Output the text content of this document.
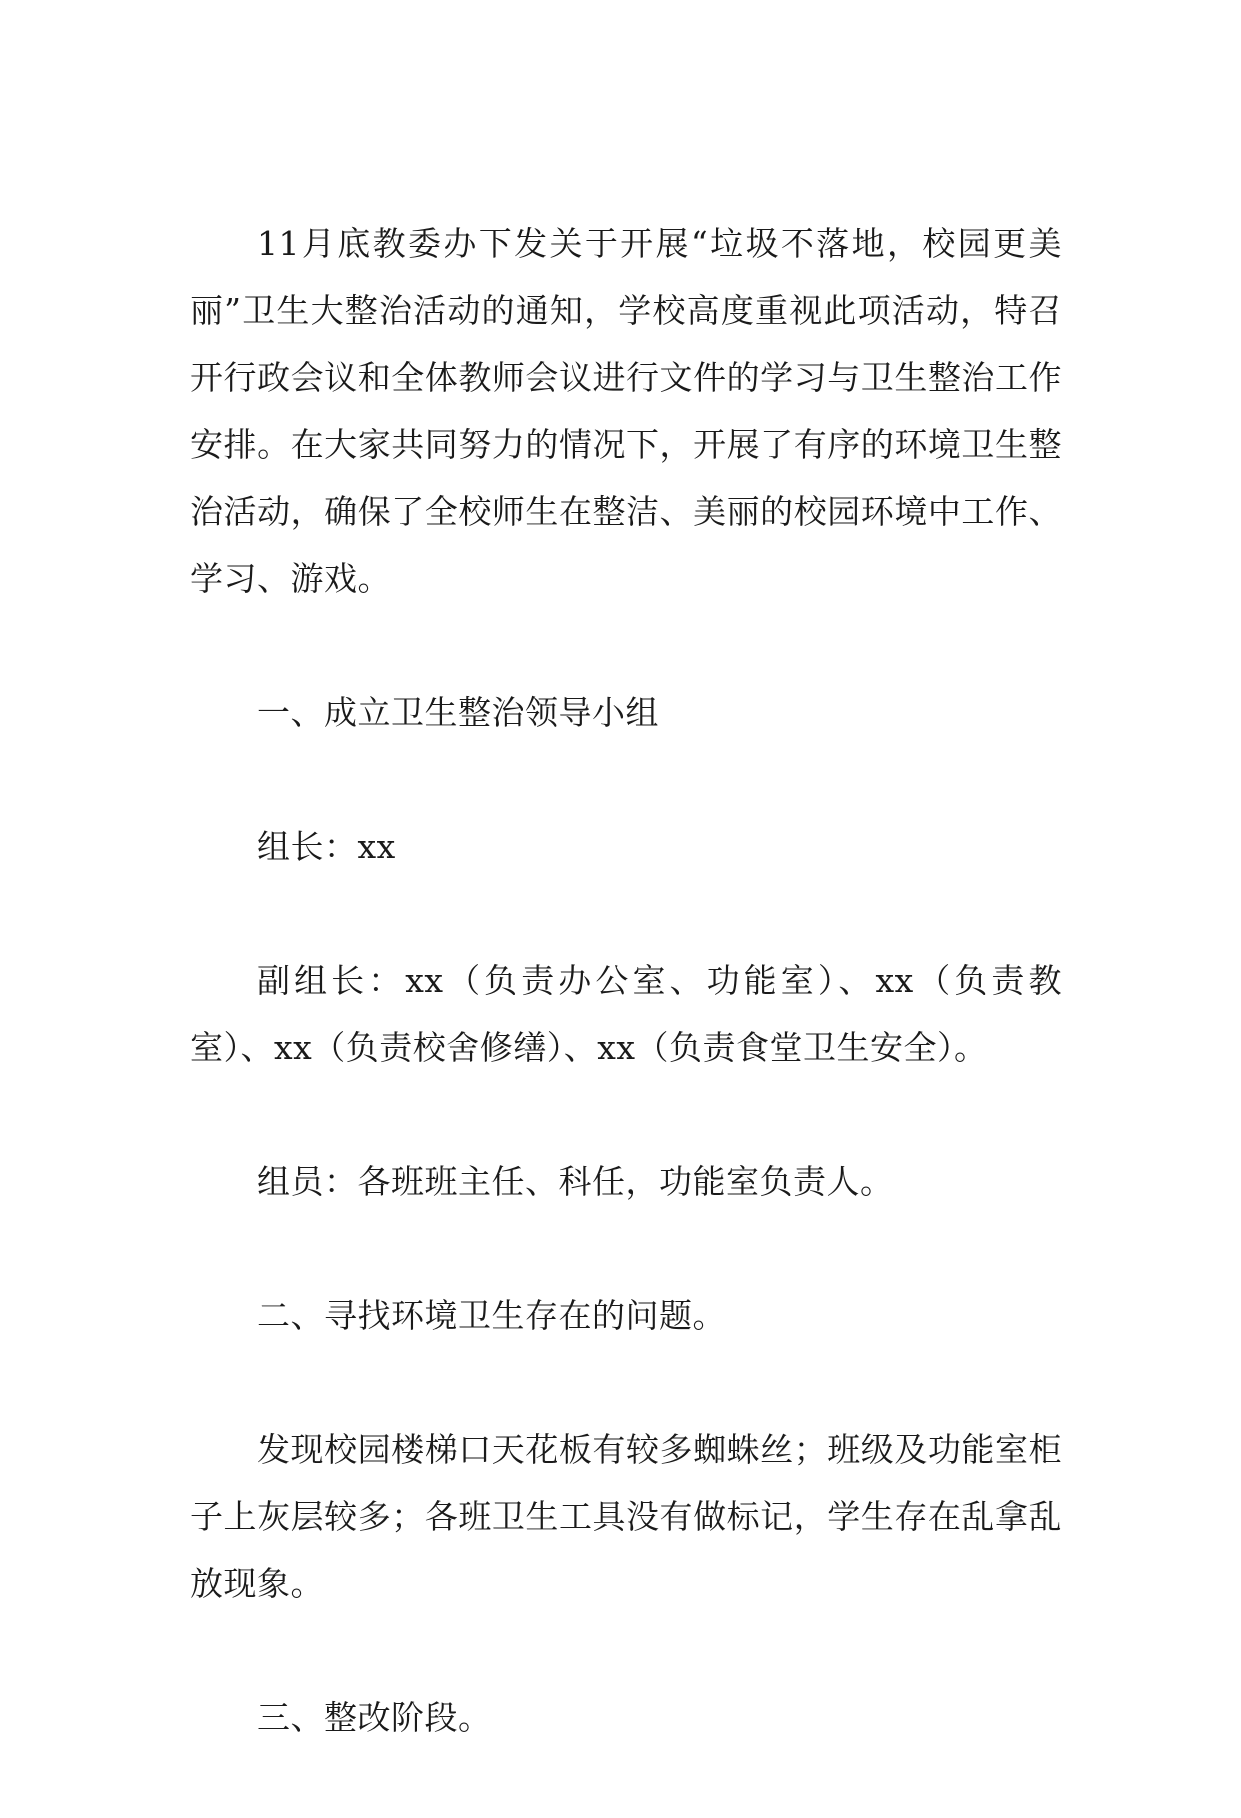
11月底教委办下发关于开展“垃圾不落地，校园更美丽”卫生大整治活动的通知，学校高度重视此项活动，特召开行政会议和全体教师会议进行文件的学习与卫生整治工作安排。在大家共同努力的情况下，开展了有序的环境卫生整治活动，确保了全校师生在整洁、美丽的校园环境中工作、学习、游戏。

一、成立卫生整治领导小组

组长：xx

副组长：xx（负责办公室、功能室）、xx（负责教室）、xx（负责校舍修缮）、xx（负责食堂卫生安全）。

组员：各班班主任、科任，功能室负责人。

二、寻找环境卫生存在的问题。

发现校园楼梯口天花板有较多蜘蛛丝；班级及功能室柜子上灰层较多；各班卫生工具没有做标记，学生存在乱拿乱放现象。

三、整改阶段。
